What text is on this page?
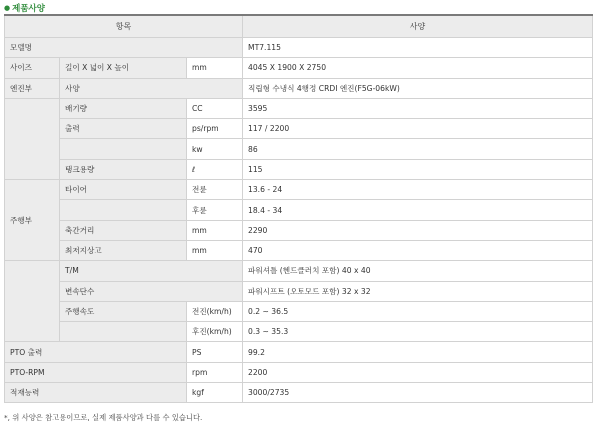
● 제품사양
항목			사양
모델명			MT7.115
사이즈	길이 X 넓이 X 높이	mm	4045 X 1900 X 2750
엔진부	사양		직립형 수냉식 4행정 CRDI 엔진(F5G-06kW)
	배기량	CC	3595
	출력	ps/rpm	117 / 2200
		kw	86
	탱크용량	ℓ	115
주행부	타이어	전륜	13.6 - 24
		후륜	18.4 - 34
	축간거리	mm	2290
	최저지상고	mm	470
	T/M		파워셔틀 (헨드클러치 포함) 40 x 40
	변속단수		파워시프트 (오토모드 포함) 32 x 32
	주행속도	전진(km/h)	0.2 ~ 36.5
		후진(km/h)	0.3 ~ 35.3
PTO 출력		PS	99.2
PTO-RPM		rpm	2200
적재능력		kgf	3000/2735
*, 위 사양은 참고용이므로, 실제 제품사양과 다를 수 있습니다.
